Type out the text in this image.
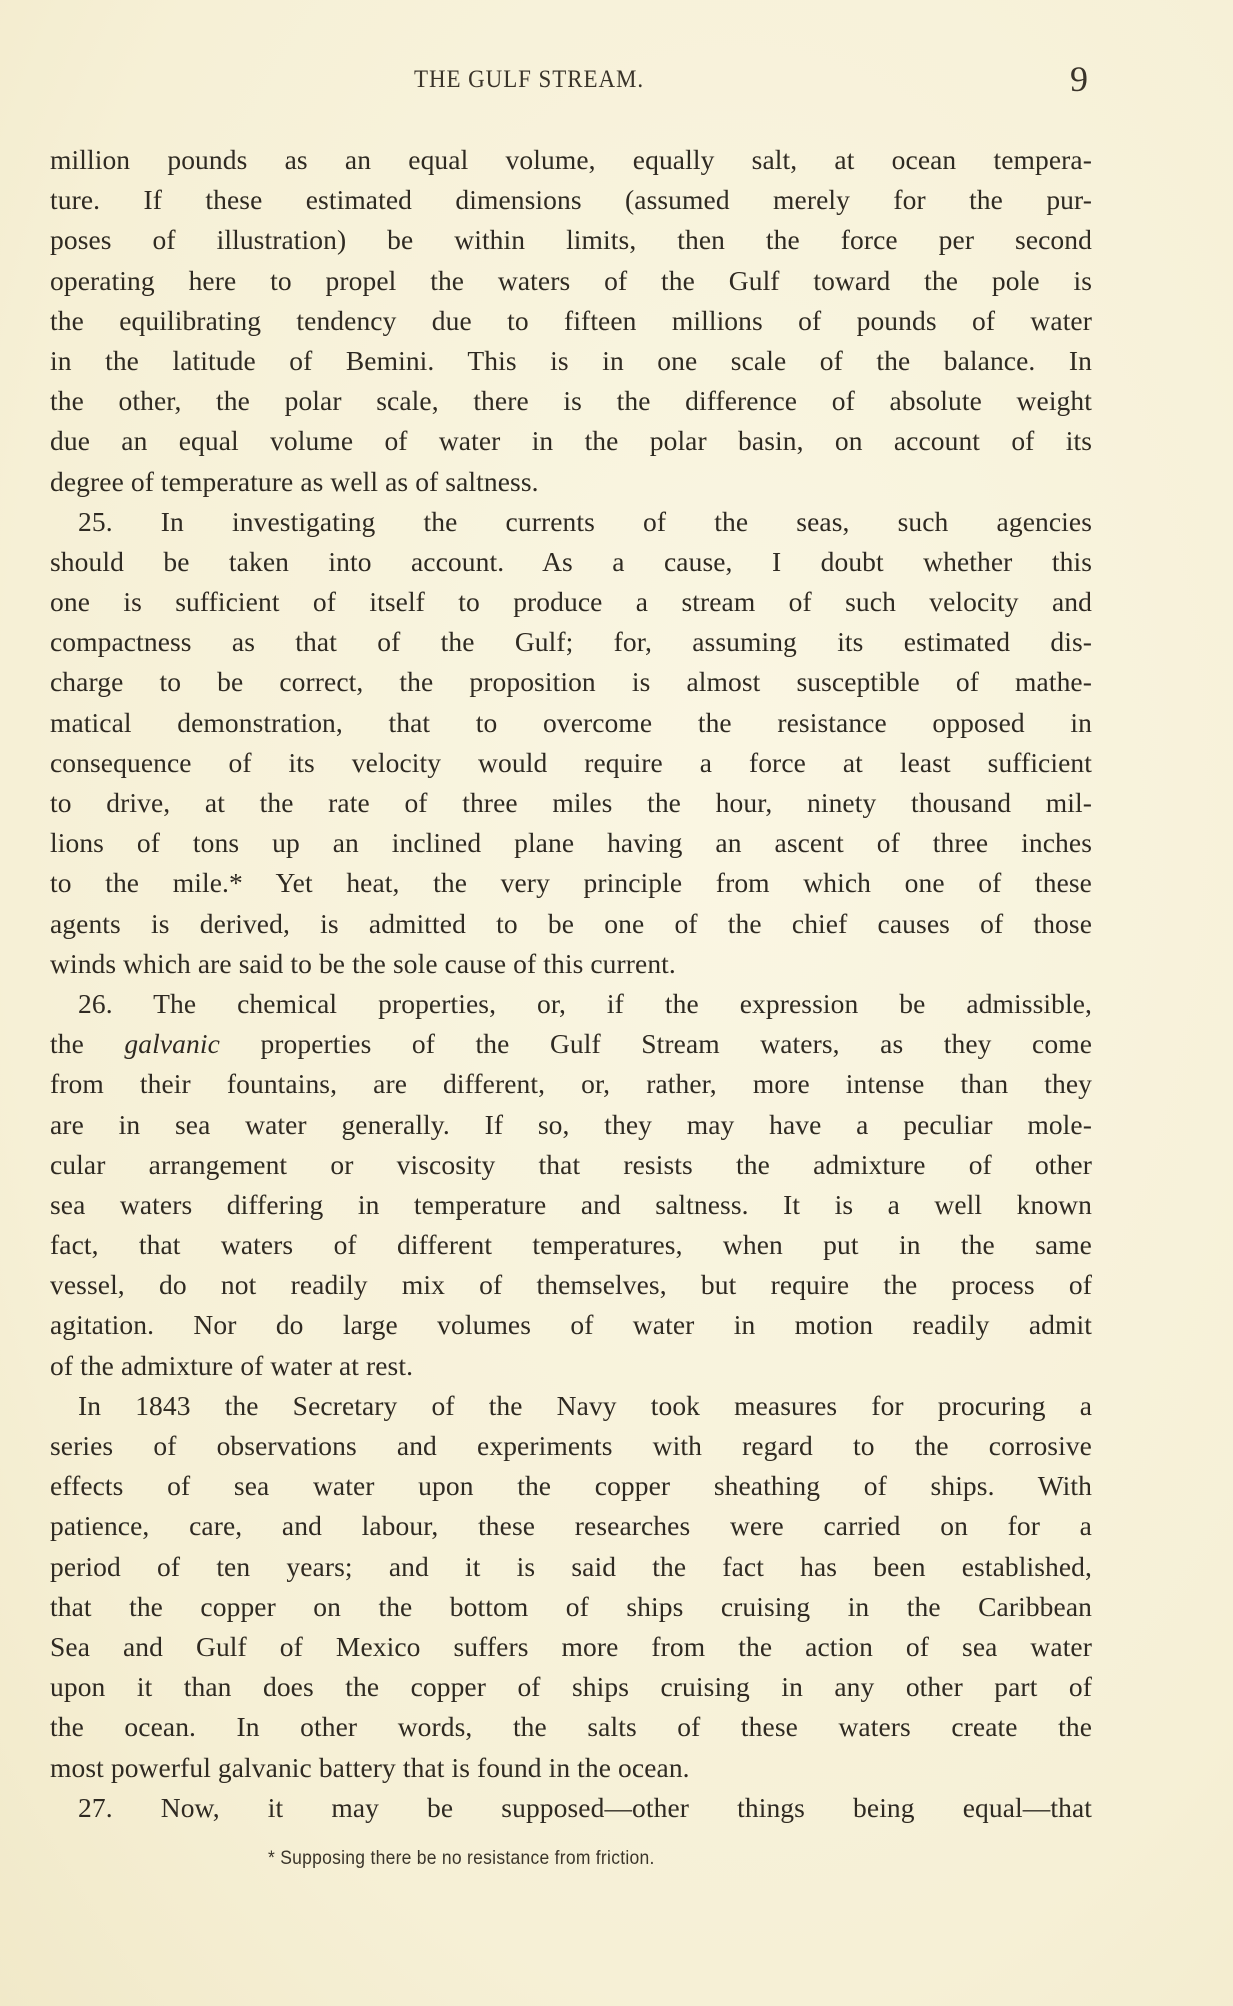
THE GULF STREAM.	9
million pounds as an equal volume, equally salt, at ocean tempera-
ture. If these estimated dimensions (assumed merely for the pur-
poses of illustration) be within limits, then the force per second
operating here to propel the waters of the Gulf toward the pole is
the equilibrating tendency due to fifteen millions of pounds of water
in the latitude of Bemini. This is in one scale of the balance. In
the other, the polar scale, there is the difference of absolute weight
due an equal volume of water in the polar basin, on account of its
degree of temperature as well as of saltness.
25. In investigating the currents of the seas, such agencies
should be taken into account. As a cause, I doubt whether this
one is sufficient of itself to produce a stream of such velocity and
compactness as that of the Gulf; for, assuming its estimated dis-
charge to be correct, the proposition is almost susceptible of mathe-
matical demonstration, that to overcome the resistance opposed in
consequence of its velocity would require a force at least sufficient
to drive, at the rate of three miles the hour, ninety thousand mil-
lions of tons up an inclined plane having an ascent of three inches
to the mile.* Yet heat, the very principle from which one of these
agents is derived, is admitted to be one of the chief causes of those
winds which are said to be the sole cause of this current.
26. The chemical properties, or, if the expression be admissible,
the galvanic properties of the Gulf Stream waters, as they come
from their fountains, are different, or, rather, more intense than they
are in sea water generally. If so, they may have a peculiar mole-
cular arrangement or viscosity that resists the admixture of other
sea waters differing in temperature and saltness. It is a well known
fact, that waters of different temperatures, when put in the same
vessel, do not readily mix of themselves, but require the process of
agitation. Nor do large volumes of water in motion readily admit
of the admixture of water at rest.
In 1843 the Secretary of the Navy took measures for procuring a
series of observations and experiments with regard to the corrosive
effects of sea water upon the copper sheathing of ships. With
patience, care, and labour, these researches were carried on for a
period of ten years; and it is said the fact has been established,
that the copper on the bottom of ships cruising in the Caribbean
Sea and Gulf of Mexico suffers more from the action of sea water
upon it than does the copper of ships cruising in any other part of
the ocean. In other words, the salts of these waters create the
most powerful galvanic battery that is found in the ocean.
27. Now, it may be supposed—other things being equal—that
* Supposing there be no resistance from friction.
